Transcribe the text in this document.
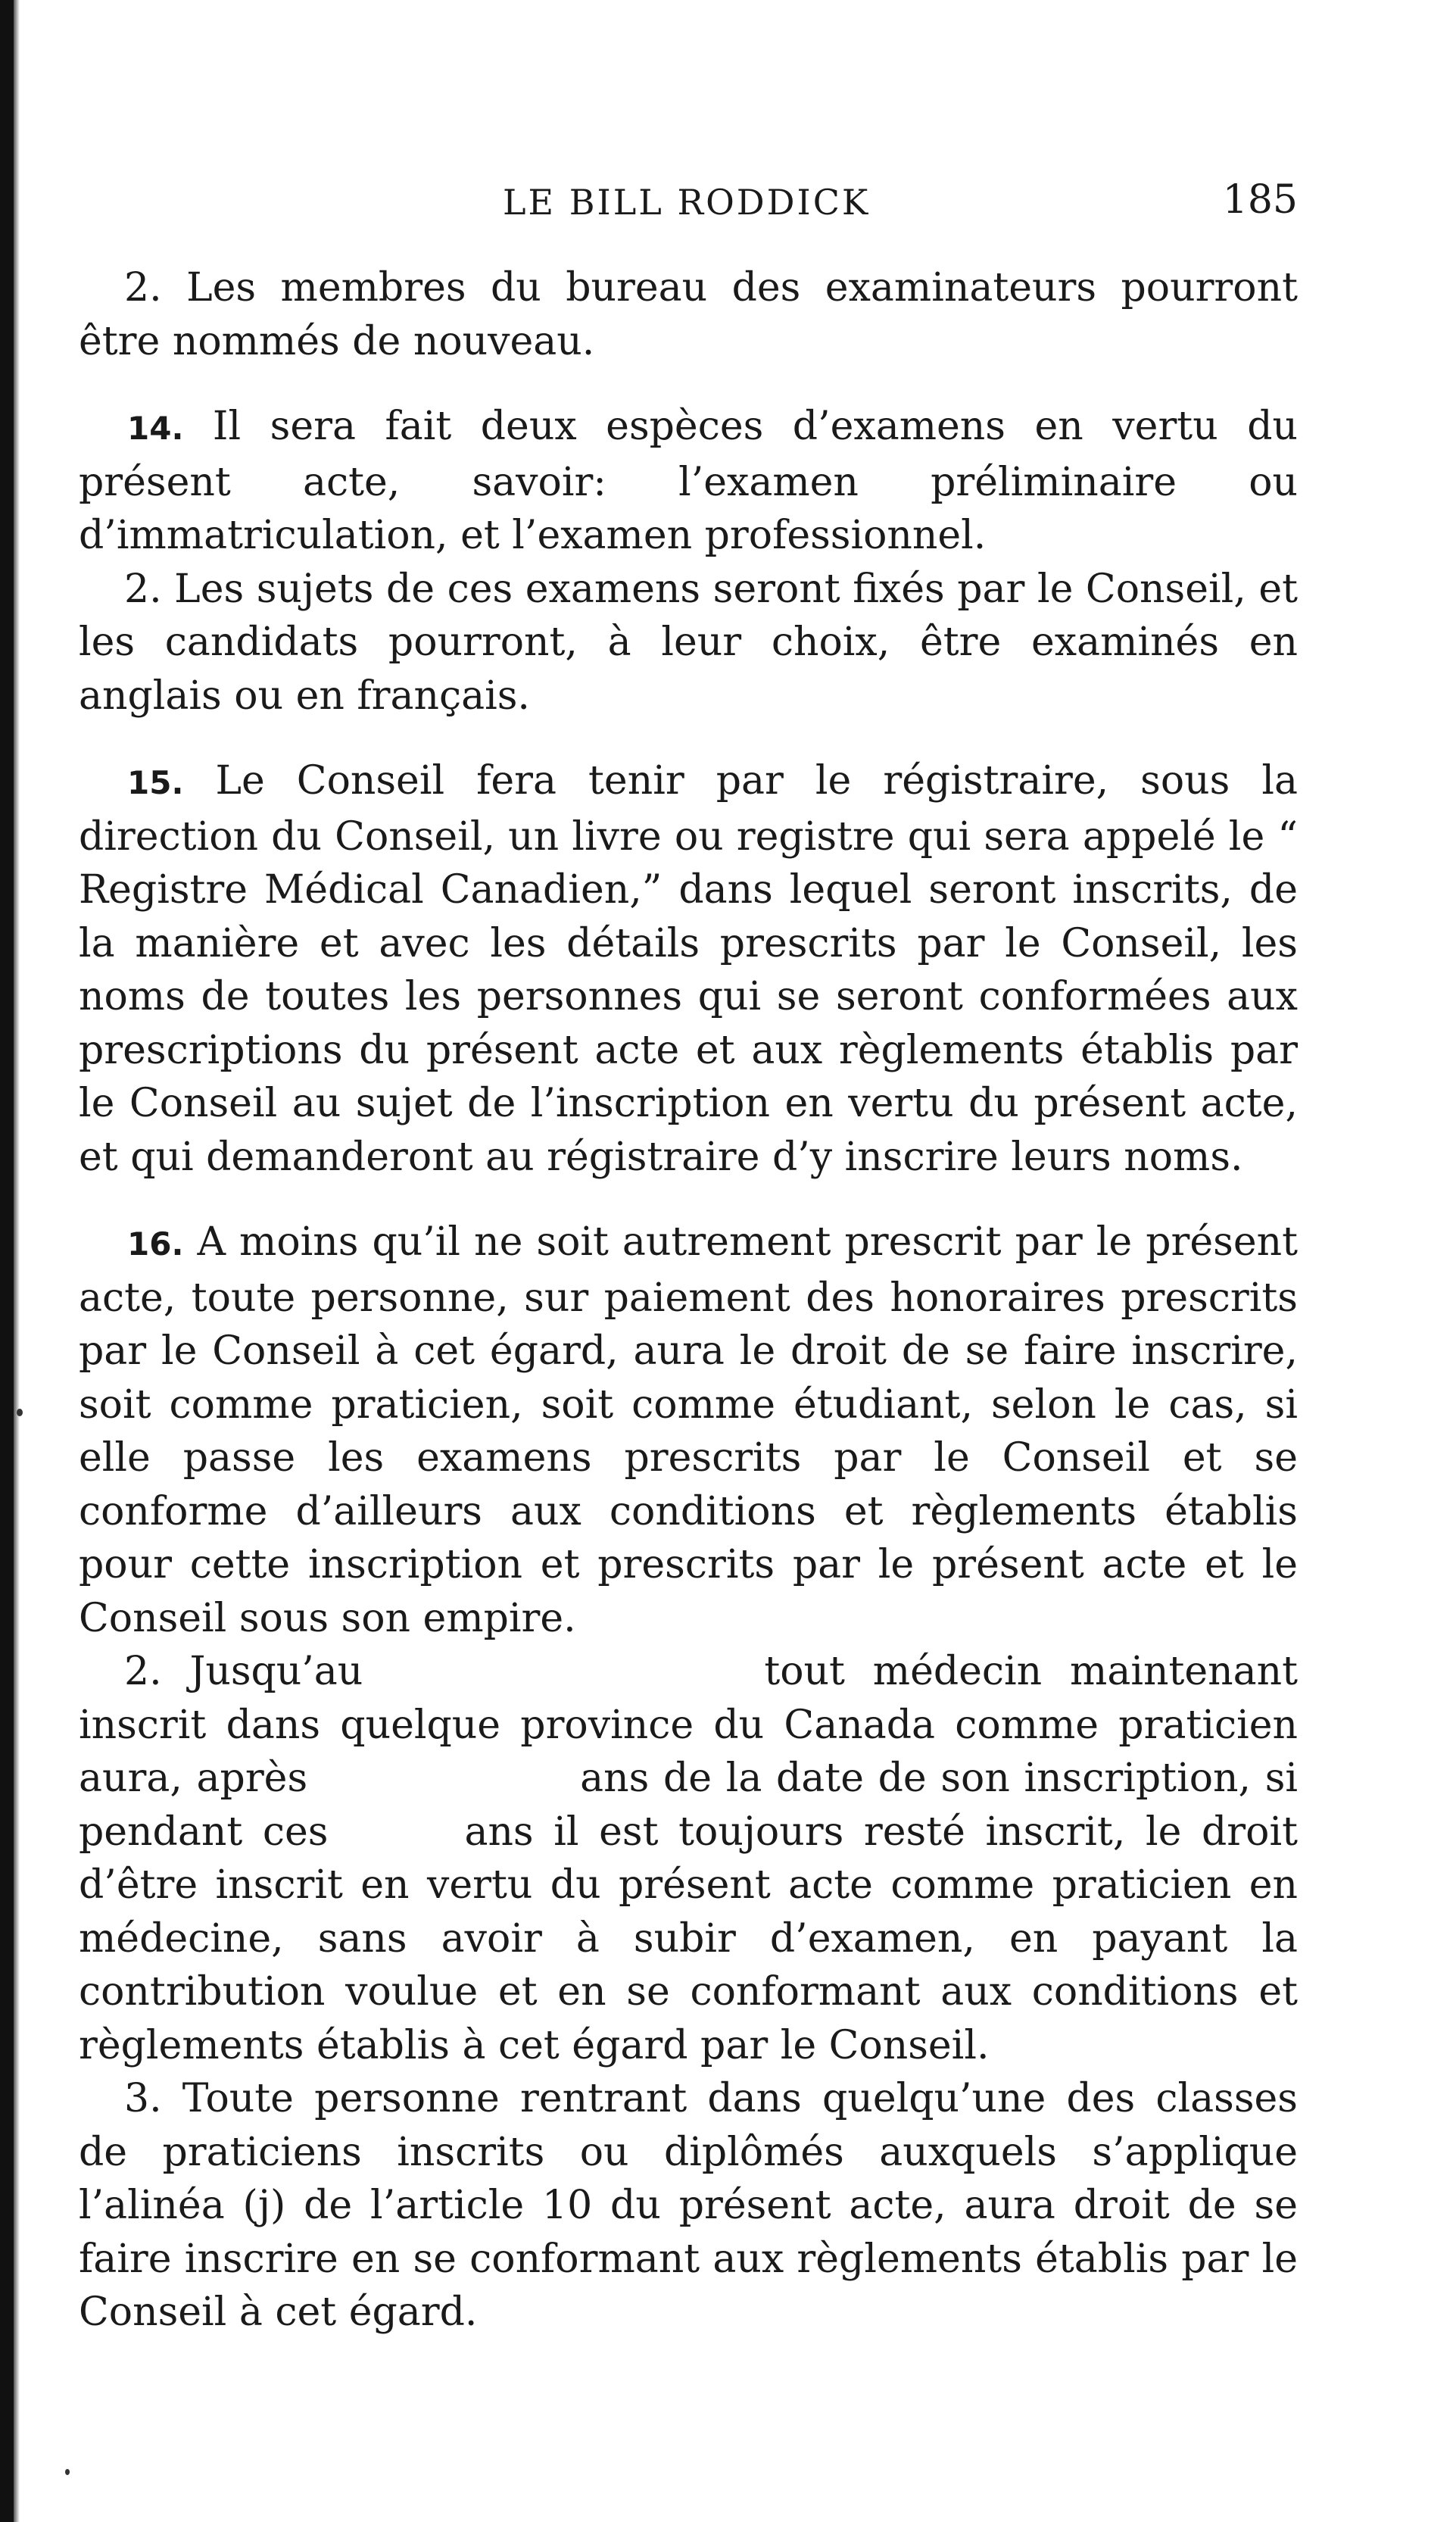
LE BILL RODDICK	185

2. Les membres du bureau des examinateurs pourront être nommés de nouveau.

14. Il sera fait deux espèces d’examens en vertu du présent acte, savoir: l’examen préliminaire ou d’immatriculation, et l’examen professionnel.

2. Les sujets de ces examens seront fixés par le Conseil, et les candidats pourront, à leur choix, être examinés en anglais ou en français.

15. Le Conseil fera tenir par le régistraire, sous la direction du Conseil, un livre ou registre qui sera appelé le “ Registre Médical Canadien,” dans lequel seront inscrits, de la manière et avec les détails prescrits par le Conseil, les noms de toutes les personnes qui se seront conformées aux prescriptions du présent acte et aux règlements établis par le Conseil au sujet de l’inscription en vertu du présent acte, et qui demanderont au régistraire d’y inscrire leurs noms.

16. A moins qu’il ne soit autrement prescrit par le présent acte, toute personne, sur paiement des honoraires prescrits par le Conseil à cet égard, aura le droit de se faire inscrire, soit comme praticien, soit comme étudiant, selon le cas, si elle passe les examens prescrits par le Conseil et se conforme d’ailleurs aux conditions et règlements établis pour cette inscription et prescrits par le présent acte et le Conseil sous son empire.

2. Jusqu’au	tout médecin maintenant inscrit dans quelque province du Canada comme praticien aura, après	ans de la date de son inscription, si pendant ces	ans il est toujours resté inscrit, le droit d’être inscrit en vertu du présent acte comme praticien en médecine, sans avoir à subir d’examen, en payant la contribution voulue et en se conformant aux conditions et règlements établis à cet égard par le Conseil.

3. Toute personne rentrant dans quelqu’une des classes de praticiens inscrits ou diplômés auxquels s’applique l’alinéa (j) de l’article 10 du présent acte, aura droit de se faire inscrire en se conformant aux règlements établis par le Conseil à cet égard.
